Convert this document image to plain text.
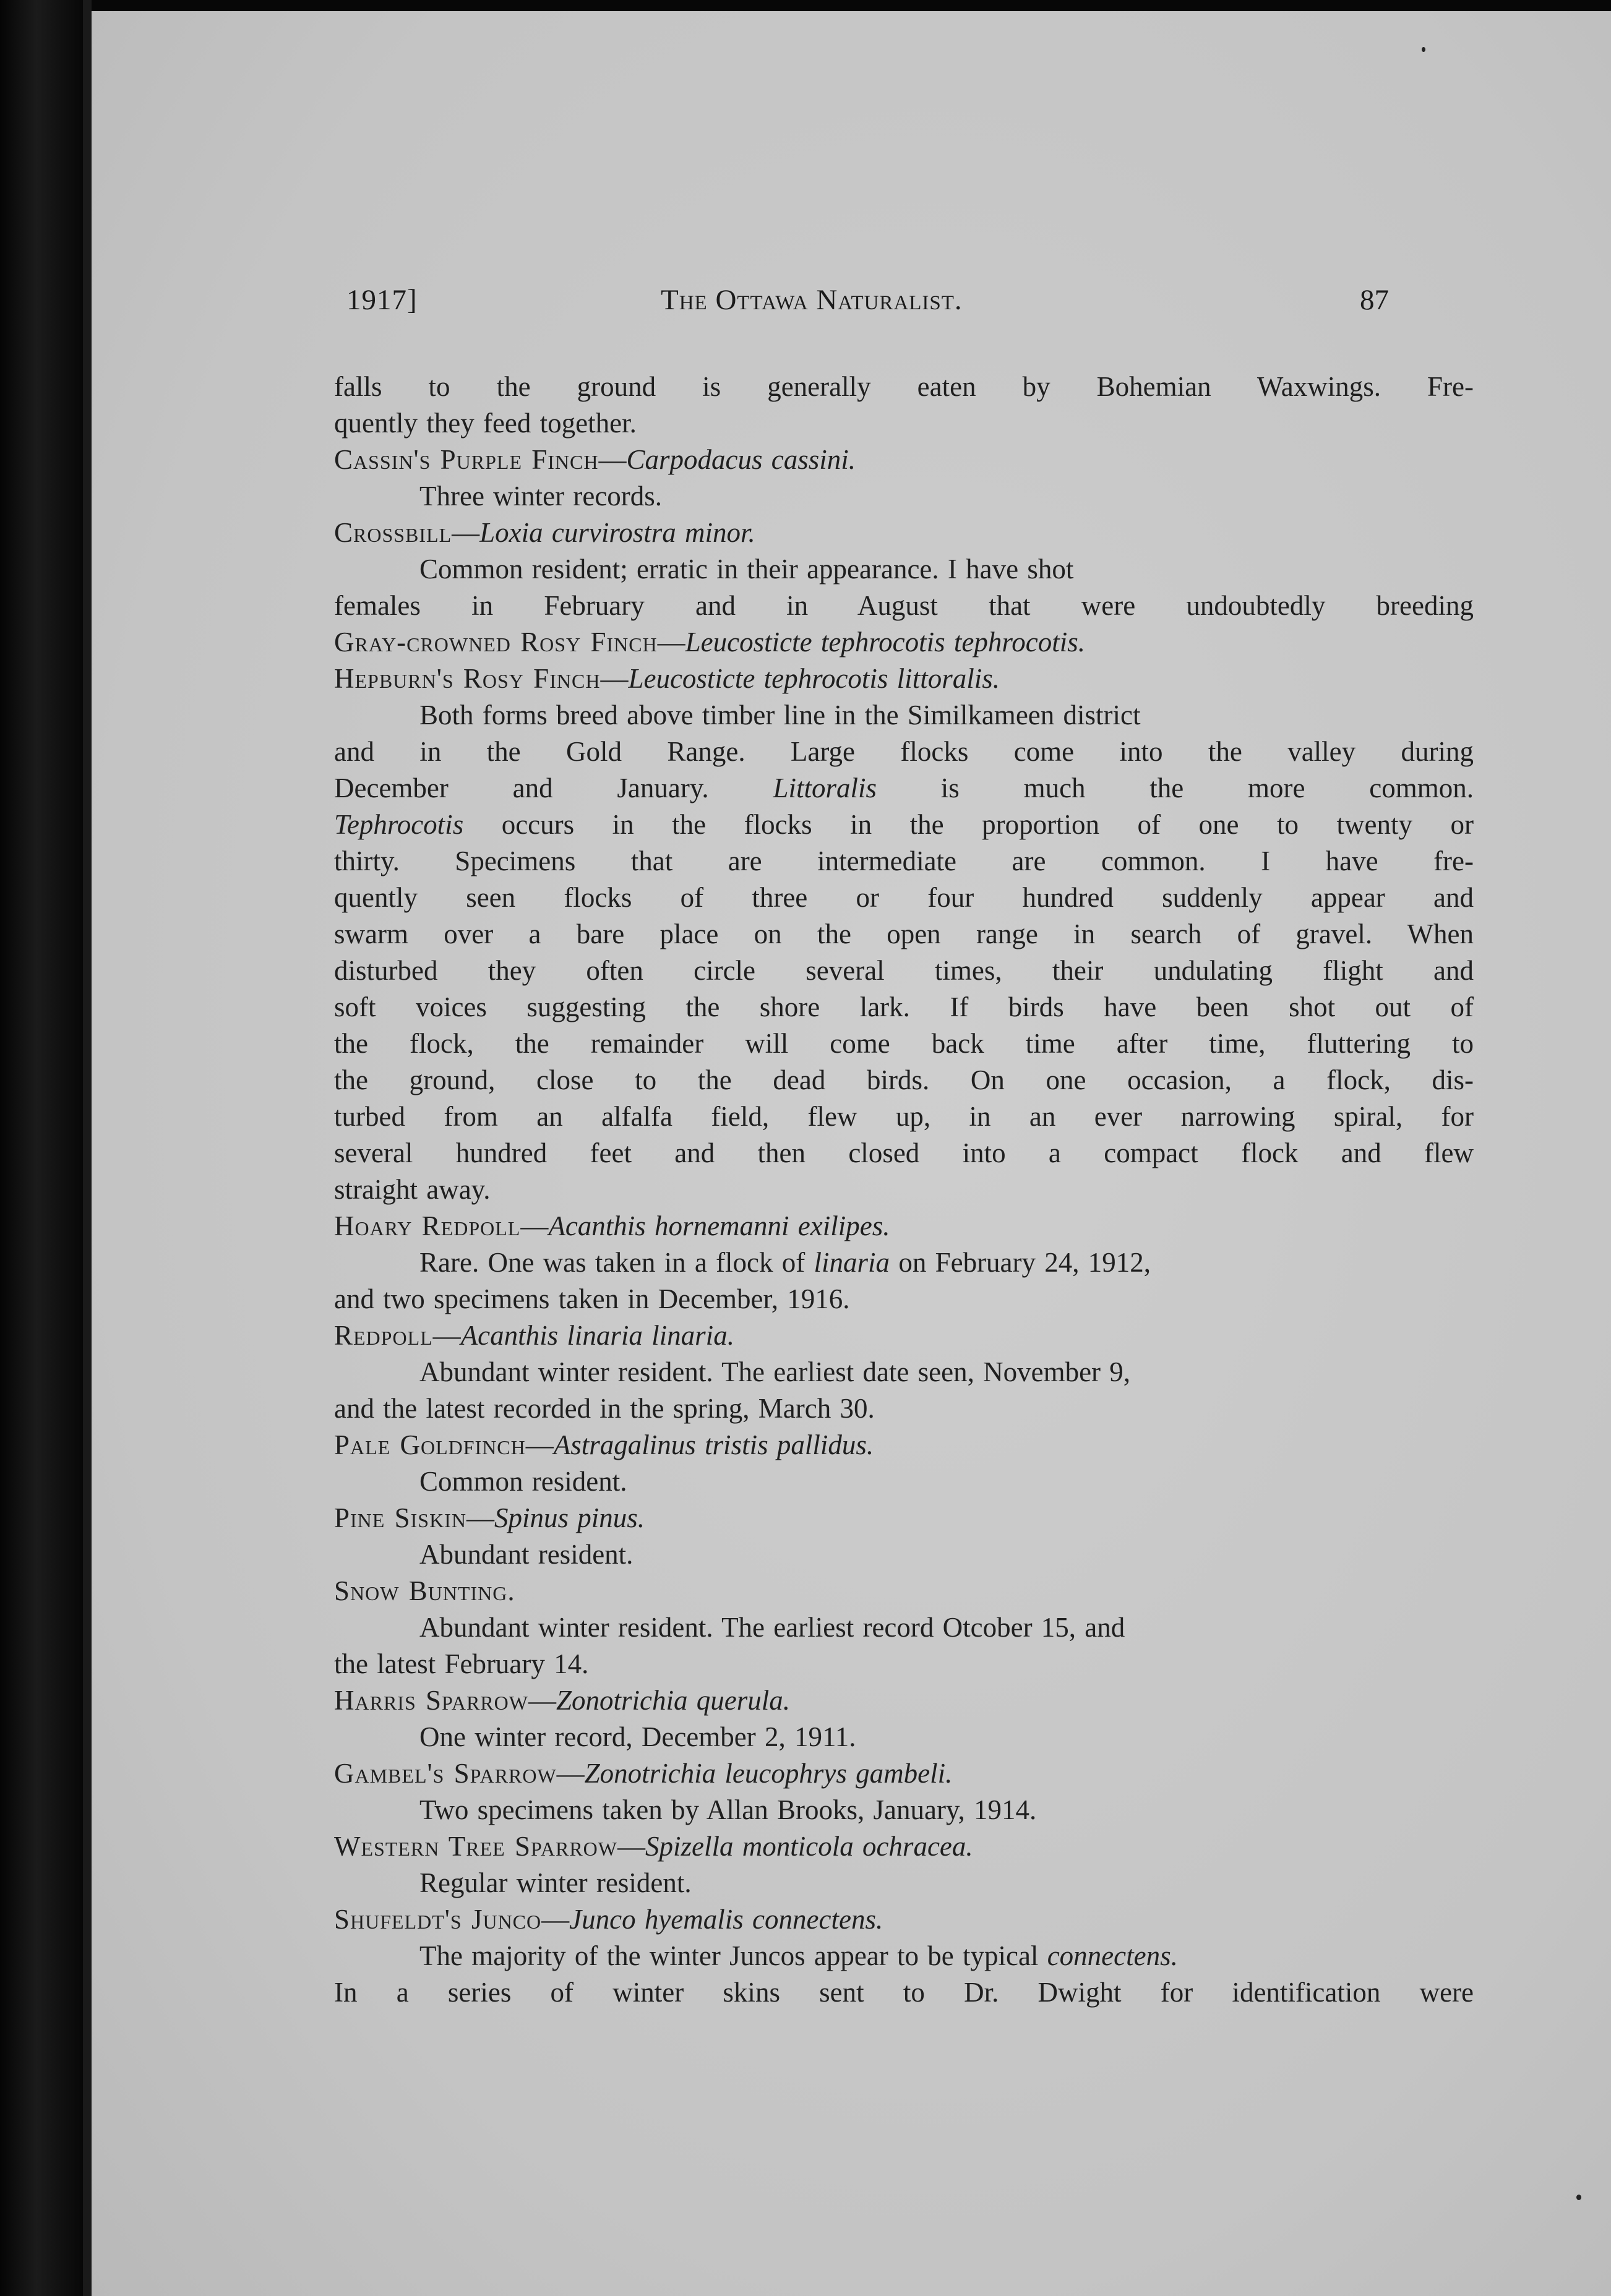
1917]	The Ottawa Naturalist.	87
falls to the ground is generally eaten by Bohemian Waxwings. Fre-
quently they feed together.
Cassin's Purple Finch—Carpodacus cassini.
Three winter records.
Crossbill—Loxia curvirostra minor.
Common resident; erratic in their appearance. I have shot
females in February and in August that were undoubtedly breeding
Gray-crowned Rosy Finch—Leucosticte tephrocotis tephrocotis.
Hepburn's Rosy Finch—Leucosticte tephrocotis littoralis.
Both forms breed above timber line in the Similkameen district
and in the Gold Range. Large flocks come into the valley during
December and January. Littoralis is much the more common.
Tephrocotis occurs in the flocks in the proportion of one to twenty or
thirty. Specimens that are intermediate are common. I have fre-
quently seen flocks of three or four hundred suddenly appear and
swarm over a bare place on the open range in search of gravel. When
disturbed they often circle several times, their undulating flight and
soft voices suggesting the shore lark. If birds have been shot out of
the flock, the remainder will come back time after time, fluttering to
the ground, close to the dead birds. On one occasion, a flock, dis-
turbed from an alfalfa field, flew up, in an ever narrowing spiral, for
several hundred feet and then closed into a compact flock and flew
straight away.
Hoary Redpoll—Acanthis hornemanni exilipes.
Rare. One was taken in a flock of linaria on February 24, 1912,
and two specimens taken in December, 1916.
Redpoll—Acanthis linaria linaria.
Abundant winter resident. The earliest date seen, November 9,
and the latest recorded in the spring, March 30.
Pale Goldfinch—Astragalinus tristis pallidus.
Common resident.
Pine Siskin—Spinus pinus.
Abundant resident.
Snow Bunting.
Abundant winter resident. The earliest record Otcober 15, and
the latest February 14.
Harris Sparrow—Zonotrichia querula.
One winter record, December 2, 1911.
Gambel's Sparrow—Zonotrichia leucophrys gambeli.
Two specimens taken by Allan Brooks, January, 1914.
Western Tree Sparrow—Spizella monticola ochracea.
Regular winter resident.
Shufeldt's Junco—Junco hyemalis connectens.
The majority of the winter Juncos appear to be typical connectens.
In a series of winter skins sent to Dr. Dwight for identification were
